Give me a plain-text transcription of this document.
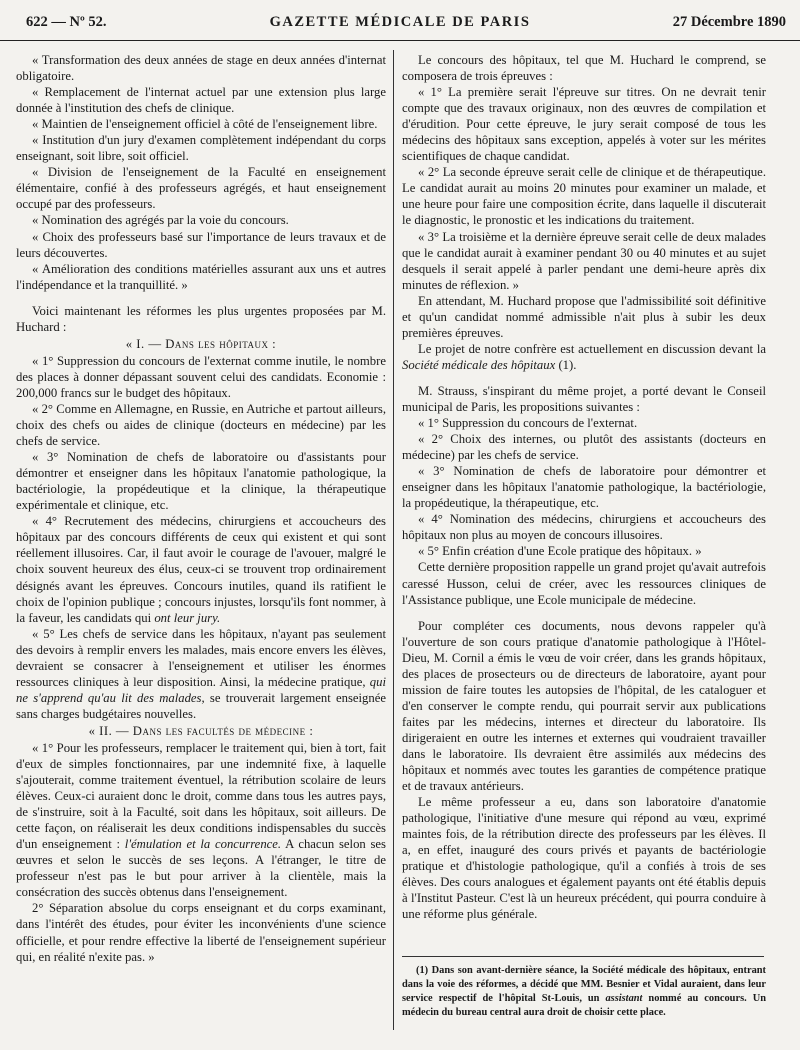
GAZETTE MÉDICALE DE PARIS
622 — Nº 52.	27 Décembre 1890

« Transformation des deux années de stage en deux années d'internat obligatoire.

« Remplacement de l'internat actuel par une extension plus large donnée à l'institution des chefs de clinique.

« Maintien de l'enseignement officiel à côté de l'enseignement libre.

« Institution d'un jury d'examen complètement indépendant du corps enseignant, soit libre, soit officiel.

« Division de l'enseignement de la Faculté en enseignement élémentaire, confié à des professeurs agrégés, et haut enseignement occupé par des professeurs.

« Nomination des agrégés par la voie du concours.

« Choix des professeurs basé sur l'importance de leurs travaux et de leurs découvertes.

« Amélioration des conditions matérielles assurant aux uns et autres l'indépendance et la tranquillité. »

Voici maintenant les réformes les plus urgentes proposées par M. Huchard :

« I. — Dans les hôpitaux :

« 1° Suppression du concours de l'externat comme inutile, le nombre des places à donner dépassant souvent celui des candidats. Economie : 200,000 francs sur le budget des hôpitaux.

« 2° Comme en Allemagne, en Russie, en Autriche et partout ailleurs, choix des chefs ou aides de clinique (docteurs en médecine) par les chefs de service.

« 3° Nomination de chefs de laboratoire ou d'assistants pour démontrer et enseigner dans les hôpitaux l'anatomie pathologique, la bactériologie, la propédeutique et la clinique, la thérapeutique expérimentale et clinique, etc.

« 4° Recrutement des médecins, chirurgiens et accoucheurs des hôpitaux par des concours différents de ceux qui existent et qui sont réellement illusoires. Car, il faut avoir le courage de l'avouer, malgré le choix souvent heureux des élus, ceux-ci se trouvent trop ordinairement désignés avant les épreuves. Concours inutiles, quand ils ratifient le choix de l'opinion publique ; concours injustes, lorsqu'ils font nommer, à la faveur, les candidats qui ont leur jury.

« 5° Les chefs de service dans les hôpitaux, n'ayant pas seulement des devoirs à remplir envers les malades, mais encore envers les élèves, devraient se consacrer à l'enseignement et utiliser les énormes ressources cliniques à leur disposition. Ainsi, la médecine pratique, qui ne s'apprend qu'au lit des malades, se trouverait largement enseignée sans charges budgétaires nouvelles.

« II. — Dans les facultés de médecine :

« 1° Pour les professeurs, remplacer le traitement qui, bien à tort, fait d'eux de simples fonctionnaires, par une indemnité fixe, à laquelle s'ajouterait, comme traitement éventuel, la rétribution scolaire de leurs élèves. Ceux-ci auraient donc le droit, comme dans tous les autres pays, de s'instruire, soit à la Faculté, soit dans les hôpitaux, soit ailleurs. De cette façon, on réaliserait les deux conditions indispensables du succès d'un enseignement : l'émulation et la concurrence. A chacun selon ses œuvres et selon le succès de ses leçons. A l'étranger, le titre de professeur n'est pas le but pour arriver à la clientèle, mais la consécration des succès obtenus dans l'enseignement.

2° Séparation absolue du corps enseignant et du corps examinant, dans l'intérêt des études, pour éviter les inconvénients d'une science officielle, et pour rendre effective la liberté de l'enseignement supérieur qui, en réalité n'exite pas. »

Le concours des hôpitaux, tel que M. Huchard le comprend, se composera de trois épreuves :

« 1° La première serait l'épreuve sur titres. On ne devrait tenir compte que des travaux originaux, non des œuvres de compilation et d'érudition. Pour cette épreuve, le jury serait composé de tous les médecins des hôpitaux sans exception, appelés à voter sur les mérites scientifiques de chaque candidat.

« 2° La seconde épreuve serait celle de clinique et de thérapeutique. Le candidat aurait au moins 20 minutes pour examiner un malade, et une heure pour faire une composition écrite, dans laquelle il discuterait le diagnostic, le pronostic et les indications du traitement.

« 3° La troisième et la dernière épreuve serait celle de deux malades que le candidat aurait à examiner pendant 30 ou 40 minutes et au sujet desquels il serait appelé à parler pendant une demi-heure après dix minutes de réflexion. »

En attendant, M. Huchard propose que l'admissibilité soit définitive et qu'un candidat nommé admissible n'ait plus à subir les deux premières épreuves.

Le projet de notre confrère est actuellement en discussion devant la Société médicale des hôpitaux (1).

M. Strauss, s'inspirant du même projet, a porté devant le Conseil municipal de Paris, les propositions suivantes :

« 1° Suppression du concours de l'externat.

« 2° Choix des internes, ou plutôt des assistants (docteurs en médecine) par les chefs de service.

« 3° Nomination de chefs de laboratoire pour démontrer et enseigner dans les hôpitaux l'anatomie pathologique, la bactériologie, la propédeutique, la thérapeutique, etc.

« 4° Nomination des médecins, chirurgiens et accoucheurs des hôpitaux non plus au moyen de concours illusoires.

« 5° Enfin création d'une Ecole pratique des hôpitaux. »

Cette dernière proposition rappelle un grand projet qu'avait autrefois caressé Husson, celui de créer, avec les ressources cliniques de l'Assistance publique, une Ecole municipale de médecine.

Pour compléter ces documents, nous devons rappeler qu'à l'ouverture de son cours pratique d'anatomie pathologique à l'Hôtel-Dieu, M. Cornil a émis le vœu de voir créer, dans les grands hôpitaux, des places de prosecteurs ou de directeurs de laboratoire, ayant pour mission de faire toutes les autopsies de l'hôpital, de les cataloguer et d'en conserver le compte rendu, qui pourrait servir aux publications faites par les médecins, internes et directeur du laboratoire. Ils dirigeraient en outre les internes et externes qui voudraient travailler dans le laboratoire. Ils devraient être assimilés aux médecins des hôpitaux et nommés avec toutes les garanties de compétence pratique et de travaux antérieurs.

Le même professeur a eu, dans son laboratoire d'anatomie pathologique, l'initiative d'une mesure qui répond au vœu, exprimé maintes fois, de la rétribution directe des professeurs par les élèves. Il a, en effet, inauguré des cours privés et payants de bactériologie pratique et d'histologie pathologique, qu'il a confiés à trois de ses élèves. Des cours analogues et également payants ont été établis depuis à l'Institut Pasteur. C'est là un heureux précédent, qui pourra conduire à une réforme plus générale.

(1) Dans son avant-dernière séance, la Société médicale des hôpitaux, entrant dans la voie des réformes, a décidé que MM. Besnier et Vidal auraient, dans leur service respectif de l'hôpital St-Louis, un assistant nommé au concours. Un médecin du bureau central aura droit de choisir cette place.
